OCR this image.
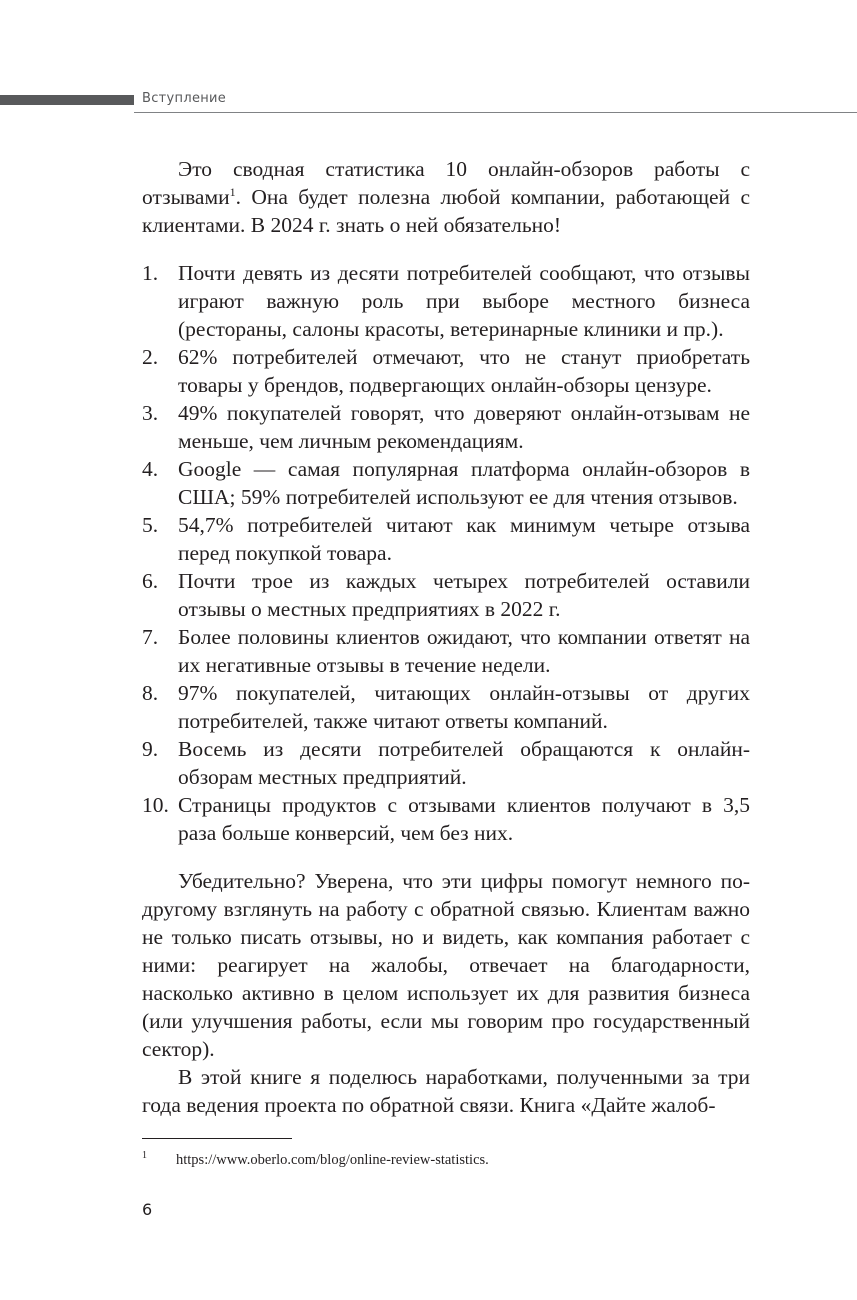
Вступление

Это сводная статистика 10 онлайн-обзоров работы с отзывами$^1$. Она будет полезна любой компании, работающей с клиентами. В 2024 г. знать о ней обязательно!

1. Почти девять из десяти потребителей сообщают, что отзывы играют важную роль при выборе местного бизнеса (рестораны, салоны красоты, ветеринарные клиники и пр.).
2. 62% потребителей отмечают, что не станут приобретать товары у брендов, подвергающих онлайн-обзоры цензуре.
3. 49% покупателей говорят, что доверяют онлайн-отзывам не меньше, чем личным рекомендациям.
4. Google — самая популярная платформа онлайн-обзоров в США; 59% потребителей используют ее для чтения отзывов.
5. 54,7% потребителей читают как минимум четыре отзыва перед покупкой товара.
6. Почти трое из каждых четырех потребителей оставили отзывы о местных предприятиях в 2022 г.
7. Более половины клиентов ожидают, что компании ответят на их негативные отзывы в течение недели.
8. 97% покупателей, читающих онлайн-отзывы от других потребителей, также читают ответы компаний.
9. Восемь из десяти потребителей обращаются к онлайн-обзорам местных предприятий.
10. Страницы продуктов с отзывами клиентов получают в 3,5 раза больше конверсий, чем без них.

Убедительно? Уверена, что эти цифры помогут немного по-другому взглянуть на работу с обратной связью. Клиентам важно не только писать отзывы, но и видеть, как компания работает с ними: реагирует на жалобы, отвечает на благодарности, насколько активно в целом использует их для развития бизнеса (или улучшения работы, если мы говорим про государственный сектор).

В этой книге я поделюсь наработками, полученными за три года ведения проекта по обратной связи. Книга «Дайте жалоб-

1 https://www.oberlo.com/blog/online-review-statistics.
6
